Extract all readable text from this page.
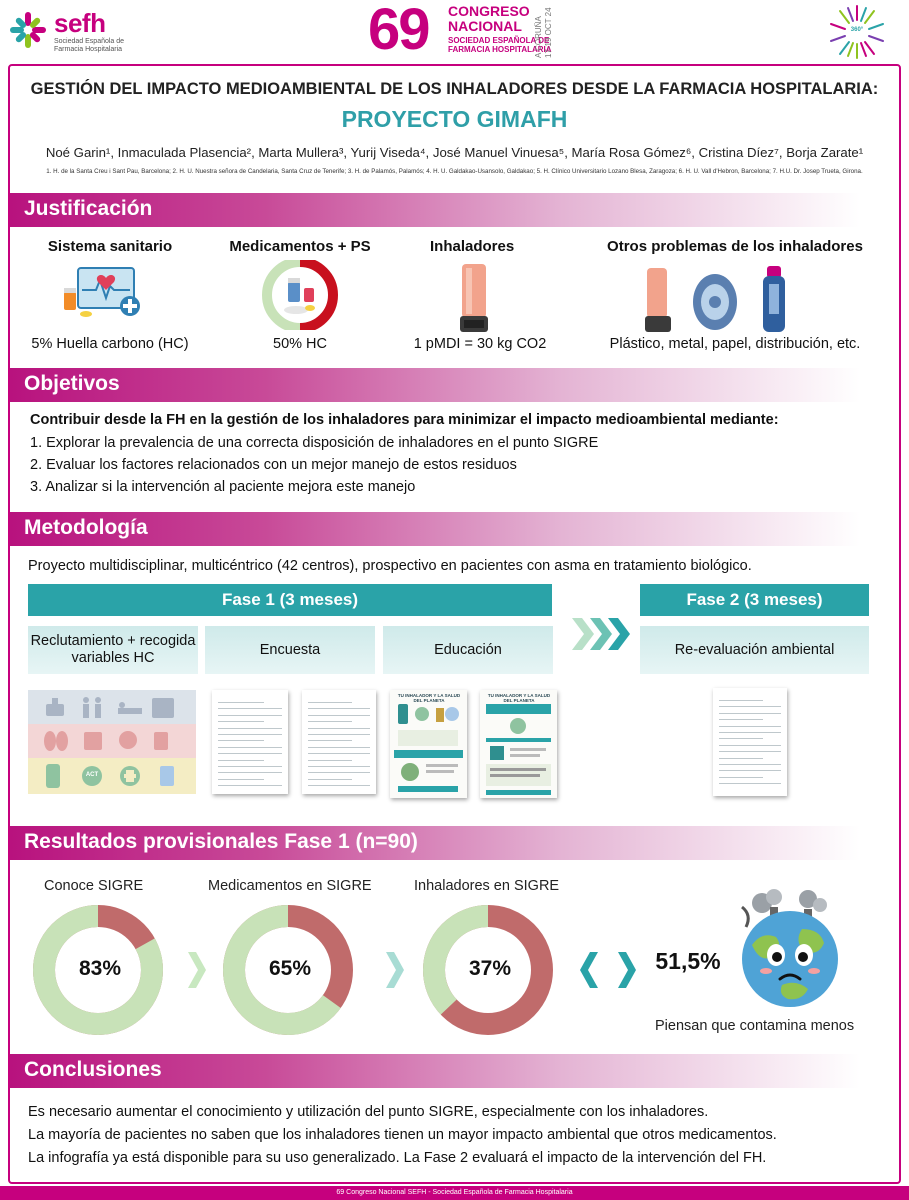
sefh
Sociedad Española de Farmacia Hospitalaria	69 CONGRESO
NACIONAL
SOCIEDAD ESPAÑOLA DE
FARMACIA HOSPITALARIA
A CORUÑA
17-19 OCT 24	360°
GESTIÓN DEL IMPACTO MEDIOAMBIENTAL DE LOS INHALADORES DESDE LA FARMACIA HOSPITALARIA:
PROYECTO GIMAFH
Noé Garin¹, Inmaculada Plasencia², Marta Mullera³, Yurij Viseda⁴, José Manuel Vinuesa⁵, María Rosa Gómez⁶, Cristina Díez⁷, Borja Zarate¹
1. H. de la Santa Creu i Sant Pau, Barcelona; 2. H. U. Nuestra señora de Candelaria, Santa Cruz de Tenerife; 3. H. de Palamós, Palamós; 4. H. U. Galdakao-Usansolo, Galdakao; 5. H. Clínico Universitario Lozano Blesa, Zaragoza; 6. H. U. Vall d'Hebron, Barcelona; 7. H.U. Dr. Josep Trueta, Girona.
Justificación
Sistema sanitario
5% Huella carbono (HC)
Medicamentos + PS
50% HC
Inhaladores
1 pMDI = 30 kg CO2
Otros problemas de los inhaladores
Plástico, metal, papel, distribución, etc.
Objetivos
Contribuir desde la FH en la gestión de los inhaladores para minimizar el impacto medioambiental mediante:
1. Explorar la prevalencia de una correcta disposición de inhaladores en el punto SIGRE
2. Evaluar los factores relacionados con un mejor manejo de estos residuos
3. Analizar si la intervención al paciente mejora este manejo
Metodología
Proyecto multidisciplinar, multicéntrico (42 centros), prospectivo en pacientes con asma en tratamiento biológico.
Fase 1 (3 meses)	Fase 2 (3 meses)
Reclutamiento + recogida variables HC
Encuesta	Educación	Re-evaluación ambiental
ACT
TU INHALADOR Y LA SALUD DEL PLANETA
TU INHALADOR Y LA SALUD DEL PLANETA
Resultados provisionales Fase 1 (n=90)
Conoce SIGRE	Medicamentos en SIGRE	Inhaladores en SIGRE
83%	65%	37%	51,5%
Piensan que contamina menos
Conclusiones
Es necesario aumentar el conocimiento y utilización del punto SIGRE, especialmente con los inhaladores.
La mayoría de pacientes no saben que los inhaladores tienen un mayor impacto ambiental que otros medicamentos.
La infografía ya está disponible para su uso generalizado. La Fase 2 evaluará el impacto de la intervención del FH.
69 Congreso Nacional SEFH - Sociedad Española de Farmacia Hospitalaria
